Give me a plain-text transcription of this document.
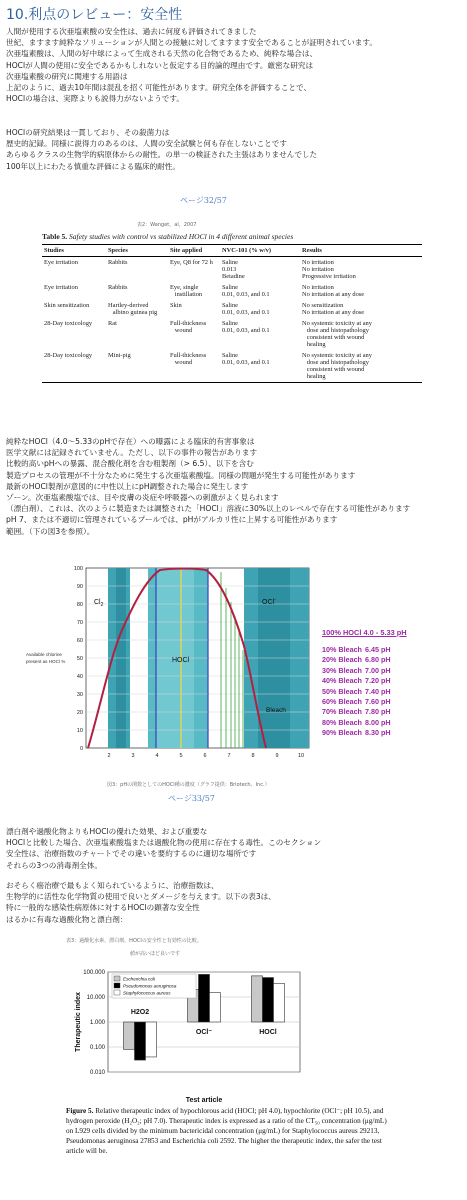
10.利点のレビュー：安全性
人間が使用する次亜塩素酸の安全性は、過去に何度も評価されてきました
世紀、ますます純粋なソリューションが人間との接触に対してますます安全であることが証明されています。
次亜塩素酸は、人間の好中球によって生成される天然の化合物であるため、純粋な場合は、
HOClが人間の使用に安全であるかもしれないと仮定する目的論的理由です。厳密な研究は
次亜塩素酸の研究に関連する用語は
上記のように、過去10年間は混乱を招く可能性があります。研究全体を評価することで、
HOClの場合は、実際よりも説得力がないようです。
HOClの研究結果は一貫しており、その殺菌力は
歴史的記録。同様に説得力のあるのは、人間の安全試験と何も存在しないことです
あらゆるクラスの生物学的病原体からの耐性。の単一の検証された主張はありませんでした
100年以上にわたる慎重な評価による臨床的耐性。
ページ32/57
表2：Wanget，al，2007
Table 5. Safety studies with control vs stabilized HOCl in 4 different animal species
Studies	Species	Site applied	NVC-101 (% w/v)	Results
Eye irritation	Rabbits	Eye, Q8 for 72 h	Saline
0.013
Betadine	No irritation
No irritation
Progressive irritation
Eye irritation	Rabbits	Eye, single
instillation	Saline
0.01, 0.03, and 0.1	No irritation
No irritation at any dose
Skin sensitization	Hartley-derived
albino guinea pig	Skin	Saline
0.01, 0.03, and 0.1	No sensitization
No irritation at any dose
28-Day toxicology	Rat	Full-thickness
wound	Saline
0.01, 0.03, and 0.1	No systemic toxicity at any
dose and histopathology
consistent with wound
healing
28-Day toxicology	Mini-pig	Full-thickness
wound	Saline
0.01, 0.03, and 0.1	No systemic toxicity at any
dose and histopathology
consistent with wound
healing
純粋なHOCl（4.0〜5.33のpHで存在）への曝露による臨床的有害事象は
医学文献には記録されていません。ただし、以下の事件の報告があります
比較的高いpHへの暴露、混合酸化剤を含む粗製剤（> 6.5）、以下を含む
製造プロセスの管理が不十分なために発生する次亜塩素酸塩。同様の問題が発生する可能性があります
最新のHOCl製剤が意図的に中性以上にpH調整された場合に発生します
ゾーン。次亜塩素酸塩では、目や皮膚の炎症や呼吸器への刺激がよく見られます
（漂白剤）、これは、次のように製造または調整された「HOCl」溶液に30%以上のレベルで存在する可能性があります
pH 7、または不適切に管理されているプールでは、pHがアルカリ性に上昇する可能性があります
範囲。（下の図3を参照）。
100
90
80
70
60
50
40
30
20
10
0
2	3	4	5	6	7	8	9	10
$Cl_2$
HOCl
OCl-
Bleach
Available chlorine
present as HOCl %
100% HOCl 4.0 - 5.33 pH
10% Bleach 6.45 pH
20% Bleach 6.80 pH
30% Bleach 7.00 pH
40% Bleach 7.20 pH
50% Bleach 7.40 pH
60% Bleach 7.60 pH
70% Bleach 7.80 pH
80% Bleach 8.00 pH
90% Bleach 8.30 pH
図3：pHの関数としてのHOCl種の濃度（グラフ提供：Briotech、Inc.）
ページ33/57
漂白剤や過酸化物よりもHOClの優れた効果、および重要な
HOClと比較した場合、次亜塩素酸塩または過酸化物の使用に存在する毒性。このセクション
安全性は、治療指数のチャートでその違いを要約するのに適切な場所です
それらの3つの消毒剤全体。
おそらく癌治療で最もよく知られているように、治療指数は、
生物学的に活性な化学物質の使用で良いとダメージを与えます。以下の表3は、
特に一般的な感染性病原体に対するHOClの顕著な安全性
はるかに有毒な過酸化物と漂白剤：
表3：過酸化水素、漂白剤、HOClの安全性と有効性の比較。
値が高いほど良いです
0.010
0.100
1.000
10.000
100.000
Therapeutic index
Test article
H2O2
OCl⁻	HOCl
Escherichia coli
Pseudomonas aeruginosa
Staphylococcus aureus
Figure 5. Relative therapeutic index of hypochlorous acid (HOCl; pH 4.0), hypochlorite (OCl⁻; pH 10.5), and hydrogen peroxide (H₂O₂; pH 7.0). Therapeutic index is expressed as a ratio of the CT₅₀ concentration (μg/mL) on L929 cells divided by the minimum bactericidal concentration (μg/mL) for Staphylococcus aureus 29213, Pseudomonas aeruginosa 27853 and Escherichia coli 2592. The higher the therapeutic index, the safer the test article will be.
